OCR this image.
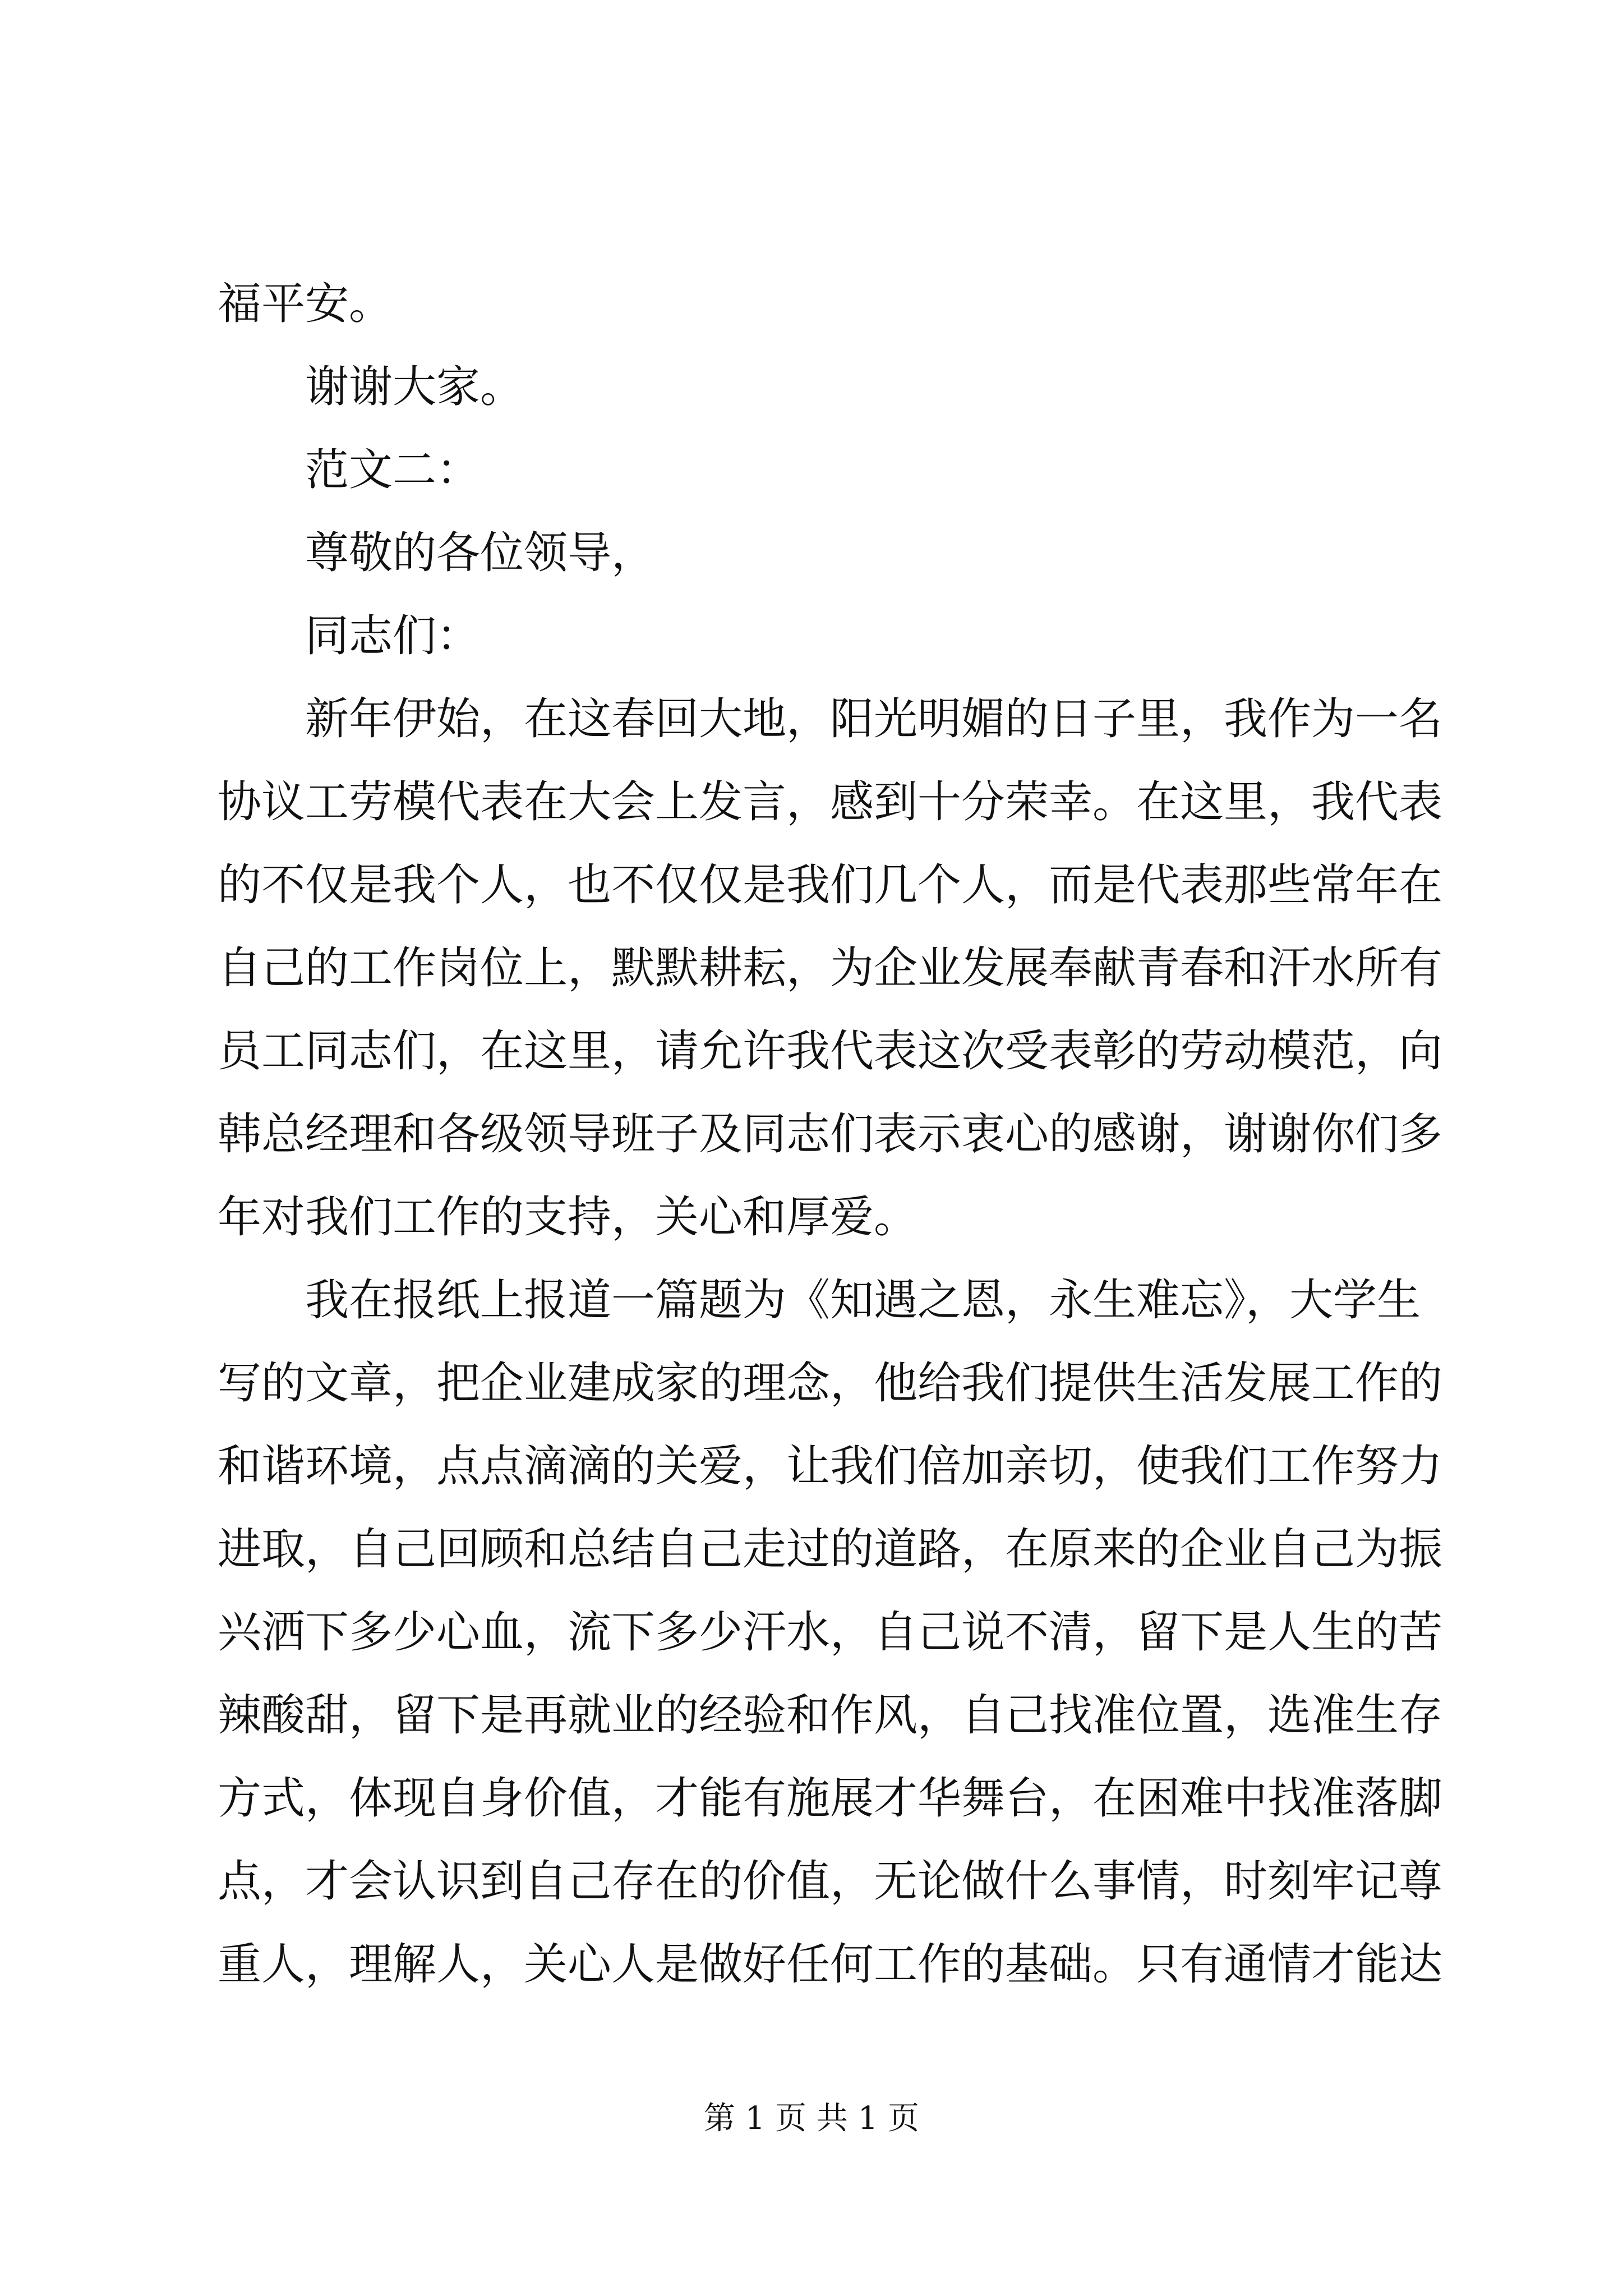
福平安。
谢谢大家。
范文二：
尊敬的各位领导，
同志们：
新年伊始，在这春回大地，阳光明媚的日子里，我作为一名
协议工劳模代表在大会上发言，感到十分荣幸。在这里，我代表
的不仅是我个人，也不仅仅是我们几个人，而是代表那些常年在
自己的工作岗位上，默默耕耘，为企业发展奉献青春和汗水所有
员工同志们，在这里，请允许我代表这次受表彰的劳动模范，向
韩总经理和各级领导班子及同志们表示衷心的感谢，谢谢你们多
年对我们工作的支持，关心和厚爱。
我在报纸上报道一篇题为《知遇之恩，永生难忘》，大学生
写的文章，把企业建成家的理念，他给我们提供生活发展工作的
和谐环境，点点滴滴的关爱，让我们倍加亲切，使我们工作努力
进取，自己回顾和总结自己走过的道路，在原来的企业自己为振
兴洒下多少心血，流下多少汗水，自己说不清，留下是人生的苦
辣酸甜，留下是再就业的经验和作风，自己找准位置，选准生存
方式，体现自身价值，才能有施展才华舞台，在困难中找准落脚
点，才会认识到自己存在的价值，无论做什么事情，时刻牢记尊
重人，理解人，关心人是做好任何工作的基础。只有通情才能达
第 1 页 共 1 页
